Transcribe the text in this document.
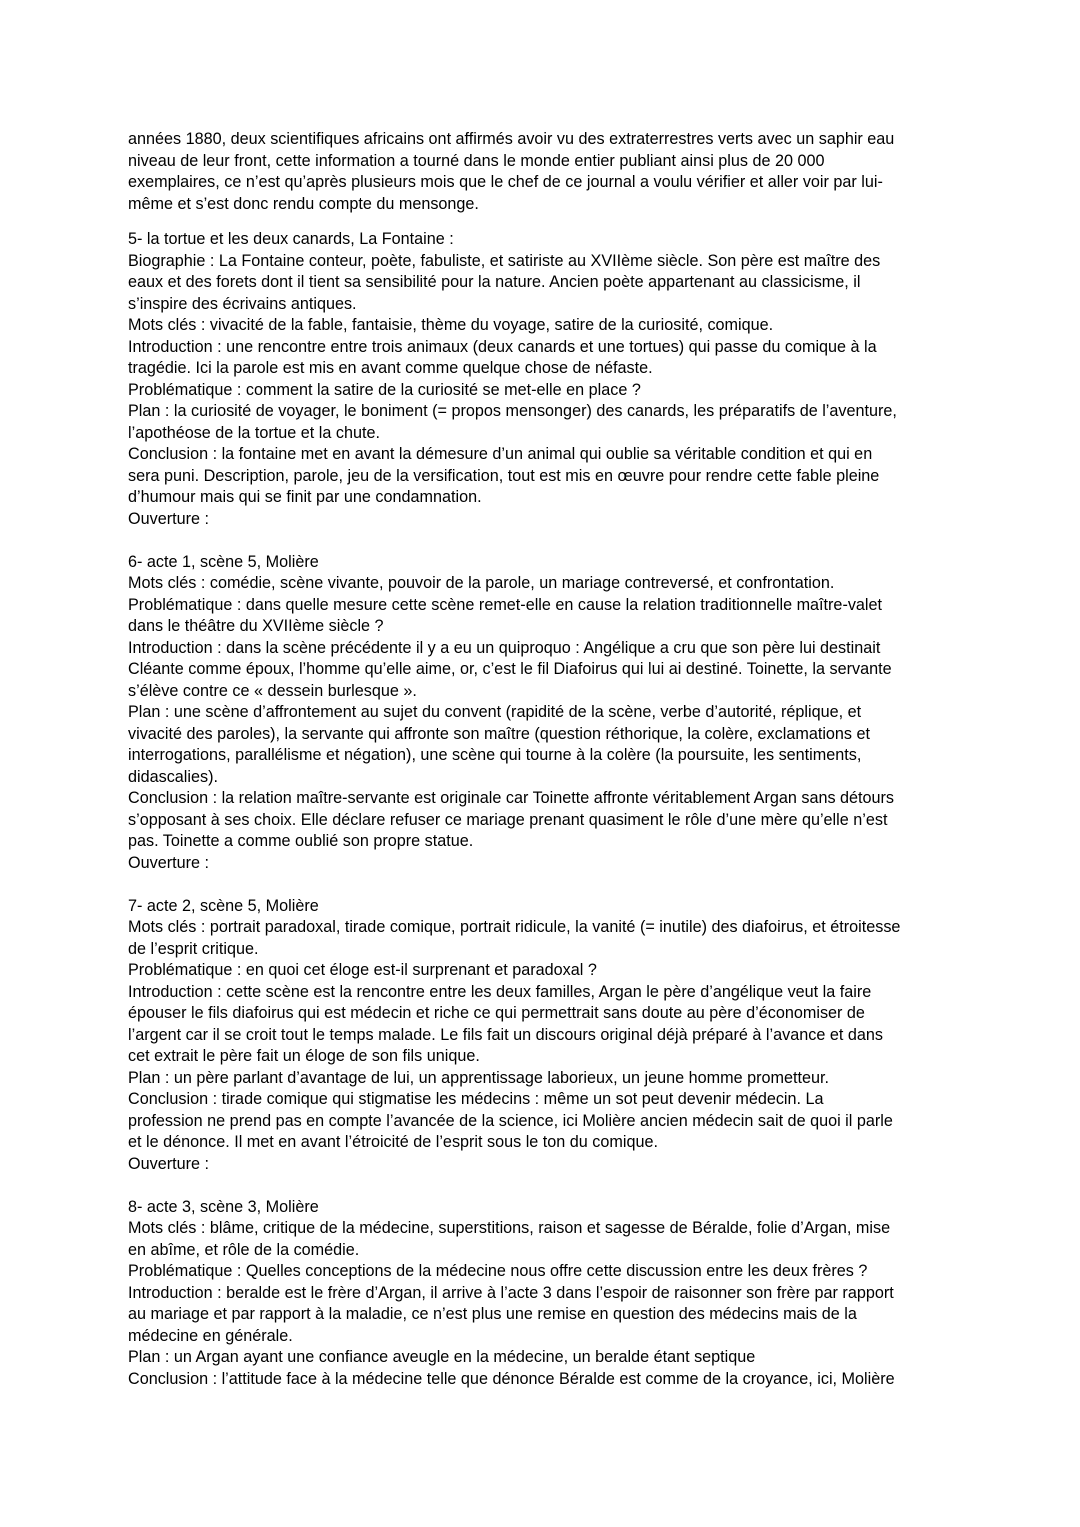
années 1880, deux scientifiques africains ont affirmés avoir vu des extraterrestres verts avec un saphir eau
niveau de leur front, cette information a tourné dans le monde entier publiant ainsi plus de 20 000
exemplaires, ce n’est qu’après plusieurs mois que le chef de ce journal a voulu vérifier et aller voir par lui-
même et s’est donc rendu compte du mensonge.
5- la tortue et les deux canards, La Fontaine :
Biographie : La Fontaine conteur, poète, fabuliste, et satiriste au XVIIème siècle. Son père est maître des
eaux et des forets dont il tient sa sensibilité pour la nature. Ancien poète appartenant au classicisme, il
s’inspire des écrivains antiques.
Mots clés : vivacité de la fable, fantaisie, thème du voyage, satire de la curiosité, comique.
Introduction : une rencontre entre trois animaux (deux canards et une tortues) qui passe du comique à la
tragédie. Ici la parole est mis en avant comme quelque chose de néfaste.
Problématique : comment la satire de la curiosité se met-elle en place ?
Plan : la curiosité de voyager, le boniment (= propos mensonger) des canards, les préparatifs de l’aventure,
l’apothéose de la tortue et la chute.
Conclusion : la fontaine met en avant la démesure d’un animal qui oublie sa véritable condition et qui en
sera puni. Description, parole, jeu de la versification, tout est mis en œuvre pour rendre cette fable pleine
d’humour mais qui se finit par une condamnation.
Ouverture :
6- acte 1, scène 5, Molière
Mots clés : comédie, scène vivante, pouvoir de la parole, un mariage contreversé, et confrontation.
Problématique : dans quelle mesure cette scène remet-elle en cause la relation traditionnelle maître-valet
dans le théâtre du XVIIème siècle ?
Introduction : dans la scène précédente il y a eu un quiproquo : Angélique a cru que son père lui destinait
Cléante comme époux, l’homme qu’elle aime, or, c’est le fil Diafoirus qui lui ai destiné. Toinette, la servante
s’élève contre ce « dessein burlesque ».
Plan : une scène d’affrontement au sujet du convent (rapidité de la scène, verbe d’autorité, réplique, et
vivacité des paroles), la servante qui affronte son maître (question réthorique, la colère, exclamations et
interrogations, parallélisme et négation), une scène qui tourne à la colère (la poursuite, les sentiments,
didascalies).
Conclusion : la relation maître-servante est originale car Toinette affronte véritablement Argan sans détours
s’opposant à ses choix. Elle déclare refuser ce mariage prenant quasiment le rôle d’une mère qu’elle n’est
pas. Toinette a comme oublié son propre statue.
Ouverture :
7- acte 2, scène 5, Molière
Mots clés : portrait paradoxal, tirade comique, portrait ridicule, la vanité (= inutile) des diafoirus, et étroitesse
de l’esprit critique.
Problématique : en quoi cet éloge est-il surprenant et paradoxal ?
Introduction : cette scène est la rencontre entre les deux familles, Argan le père d’angélique veut la faire
épouser le fils diafoirus qui est médecin et riche ce qui permettrait sans doute au père d’économiser de
l’argent car il se croit tout le temps malade. Le fils fait un discours original déjà préparé à l’avance et dans
cet extrait le père fait un éloge de son fils unique.
Plan : un père parlant d’avantage de lui, un apprentissage laborieux, un jeune homme prometteur.
Conclusion : tirade comique qui stigmatise les médecins : même un sot peut devenir médecin. La
profession ne prend pas en compte l’avancée de la science, ici Molière ancien médecin sait de quoi il parle
et le dénonce. Il met en avant l’étroicité de l’esprit sous le ton du comique.
Ouverture :
8- acte 3, scène 3, Molière
Mots clés : blâme, critique de la médecine, superstitions, raison et sagesse de Béralde, folie d’Argan, mise
en abîme, et rôle de la comédie.
Problématique : Quelles conceptions de la médecine nous offre cette discussion entre les deux frères ?
Introduction : beralde est le frère d’Argan, il arrive à l’acte 3 dans l’espoir de raisonner son frère par rapport
au mariage et par rapport à la maladie, ce n’est plus une remise en question des médecins mais de la
médecine en générale.
Plan : un Argan ayant une confiance aveugle en la médecine, un beralde étant septique
Conclusion : l’attitude face à la médecine telle que dénonce Béralde est comme de la croyance, ici, Molière
